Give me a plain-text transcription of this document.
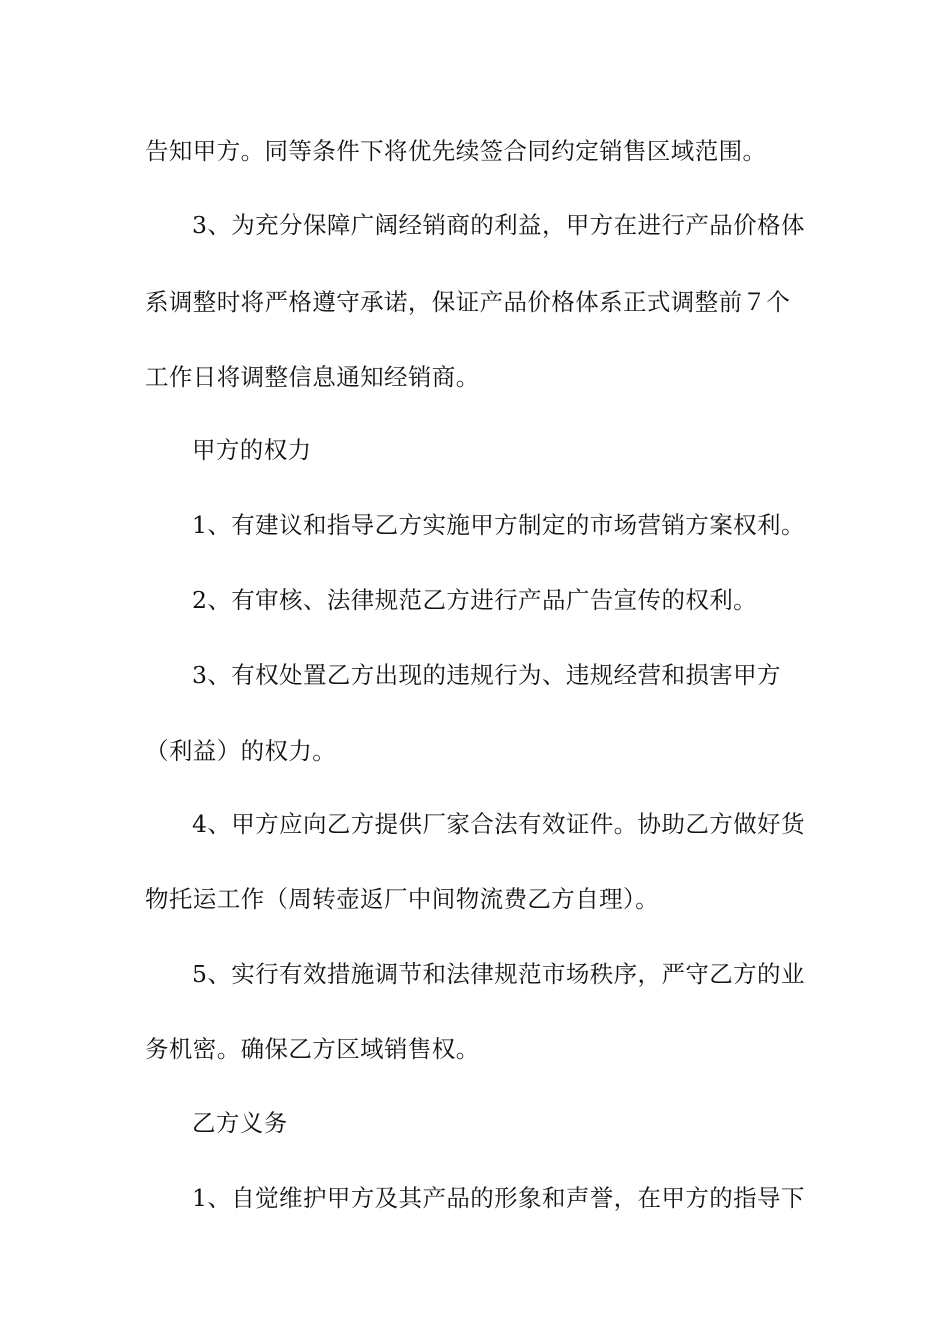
告知甲方。同等条件下将优先续签合同约定销售区域范围。
3、为充分保障广阔经销商的利益，甲方在进行产品价格体
系调整时将严格遵守承诺，保证产品价格体系正式调整前７个
工作日将调整信息通知经销商。
甲方的权力
1、有建议和指导乙方实施甲方制定的市场营销方案权利。
2、有审核、法律规范乙方进行产品广告宣传的权利。
3、有权处置乙方出现的违规行为、违规经营和损害甲方
（利益）的权力。
4、甲方应向乙方提供厂家合法有效证件。协助乙方做好货
物托运工作（周转壶返厂中间物流费乙方自理）。
5、实行有效措施调节和法律规范市场秩序，严守乙方的业
务机密。确保乙方区域销售权。
乙方义务
1、自觉维护甲方及其产品的形象和声誉，在甲方的指导下
